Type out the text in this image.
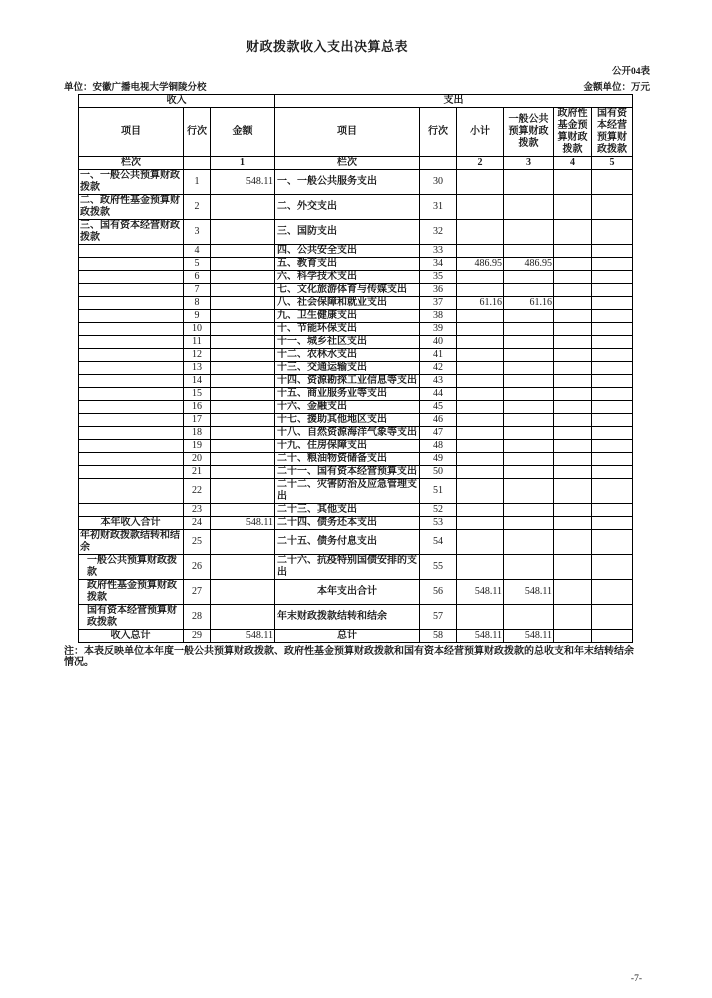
财政拨款收入支出决算总表
公开04表
单位：安徽广播电视大学铜陵分校	金额单位：万元
收入			支出					
项目	行次	金额	项目	行次	小计	一般公共预算财政拨款	政府性基金预算财政拨款	国有资本经营预算财政拨款
栏次		1	栏次		2	3	4	5
一、一般公共预算财政拨款	1	548.11	一、一般公共服务支出	30				
二、政府性基金预算财政拨款	2		二、外交支出	31				
三、国有资本经营财政拨款	3		三、国防支出	32				
	4		四、公共安全支出	33				
	5		五、教育支出	34	486.95	486.95		
	6		六、科学技术支出	35				
	7		七、文化旅游体育与传媒支出	36				
	8		八、社会保障和就业支出	37	61.16	61.16		
	9		九、卫生健康支出	38				
	10		十、节能环保支出	39				
	11		十一、城乡社区支出	40				
	12		十二、农林水支出	41				
	13		十三、交通运输支出	42				
	14		十四、资源勘探工业信息等支出	43				
	15		十五、商业服务业等支出	44				
	16		十六、金融支出	45				
	17		十七、援助其他地区支出	46				
	18		十八、自然资源海洋气象等支出	47				
	19		十九、住房保障支出	48				
	20		二十、粮油物资储备支出	49				
	21		二十一、国有资本经营预算支出	50				
	22		二十二、灾害防治及应急管理支出	51				
	23		二十三、其他支出	52				
本年收入合计	24	548.11	二十四、债务还本支出	53				
年初财政拨款结转和结余	25		二十五、债务付息支出	54				
一般公共预算财政拨款	26		二十六、抗疫特别国债安排的支出	55				
政府性基金预算财政拨款	27		本年支出合计	56	548.11	548.11		
国有资本经营预算财政拨款	28		年末财政拨款结转和结余	57				
收入总计	29	548.11	总计	58	548.11	548.11		
注：本表反映单位本年度一般公共预算财政拨款、政府性基金预算财政拨款和国有资本经营预算财政拨款的总收支和年末结转结余情况。
-7-
